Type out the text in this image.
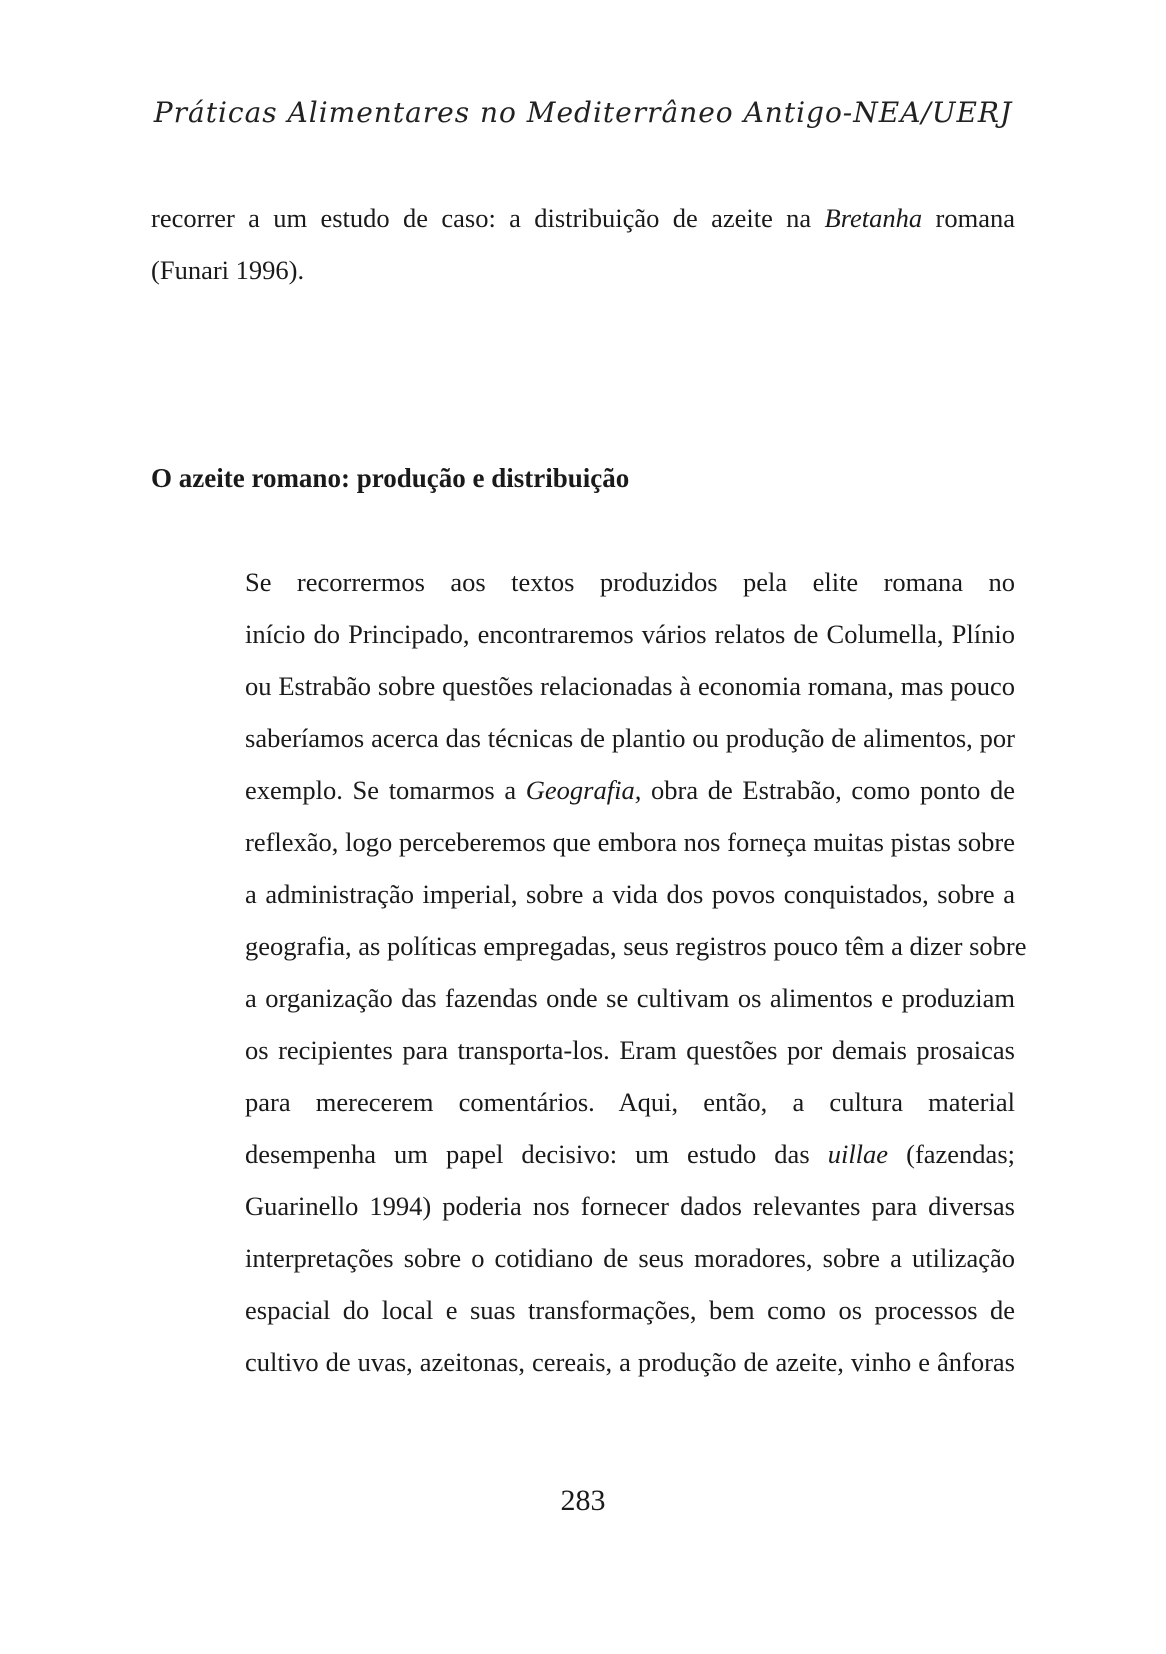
Práticas Alimentares no Mediterrâneo Antigo-NEA/UERJ
recorrer a um estudo de caso: a distribuição de azeite na Bretanha romana
(Funari 1996).
O azeite romano: produção e distribuição
Se recorrermos aos textos produzidos pela elite romana no
início do Principado, encontraremos vários relatos de Columella, Plínio
ou Estrabão sobre questões relacionadas à economia romana, mas pouco
saberíamos acerca das técnicas de plantio ou produção de alimentos, por
exemplo. Se tomarmos a Geografia, obra de Estrabão, como ponto de
reflexão, logo perceberemos que embora nos forneça muitas pistas sobre
a administração imperial, sobre a vida dos povos conquistados, sobre a
geografia, as políticas empregadas, seus registros pouco têm a dizer sobre
a organização das fazendas onde se cultivam os alimentos e produziam
os recipientes para transporta-los. Eram questões por demais prosaicas
para merecerem comentários. Aqui, então, a cultura material
desempenha um papel decisivo: um estudo das uillae (fazendas;
Guarinello 1994) poderia nos fornecer dados relevantes para diversas
interpretações sobre o cotidiano de seus moradores, sobre a utilização
espacial do local e suas transformações, bem como os processos de
cultivo de uvas, azeitonas, cereais, a produção de azeite, vinho e ânforas
283
